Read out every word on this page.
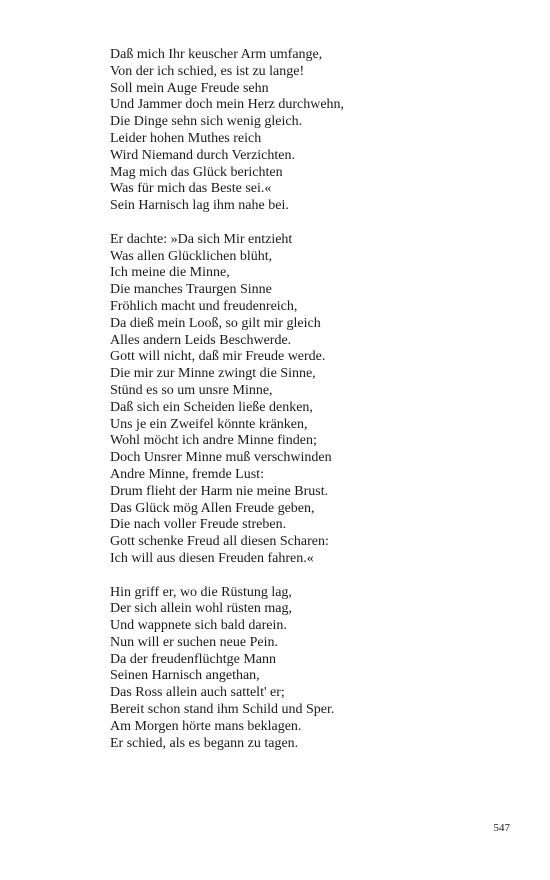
Daß mich Ihr keuscher Arm umfange,
Von der ich schied, es ist zu lange!
Soll mein Auge Freude sehn
Und Jammer doch mein Herz durchwehn,
Die Dinge sehn sich wenig gleich.
Leider hohen Muthes reich
Wird Niemand durch Verzichten.
Mag mich das Glück berichten
Was für mich das Beste sei.«
Sein Harnisch lag ihm nahe bei.
Er dachte: »Da sich Mir entzieht
Was allen Glücklichen blüht,
Ich meine die Minne,
Die manches Traurgen Sinne
Fröhlich macht und freudenreich,
Da dieß mein Looß, so gilt mir gleich
Alles andern Leids Beschwerde.
Gott will nicht, daß mir Freude werde.
Die mir zur Minne zwingt die Sinne,
Stünd es so um unsre Minne,
Daß sich ein Scheiden ließe denken,
Uns je ein Zweifel könnte kränken,
Wohl möcht ich andre Minne finden;
Doch Unsrer Minne muß verschwinden
Andre Minne, fremde Lust:
Drum flieht der Harm nie meine Brust.
Das Glück mög Allen Freude geben,
Die nach voller Freude streben.
Gott schenke Freud all diesen Scharen:
Ich will aus diesen Freuden fahren.«
Hin griff er, wo die Rüstung lag,
Der sich allein wohl rüsten mag,
Und wappnete sich bald darein.
Nun will er suchen neue Pein.
Da der freudenflüchtge Mann
Seinen Harnisch angethan,
Das Ross allein auch sattelt' er;
Bereit schon stand ihm Schild und Sper.
Am Morgen hörte mans beklagen.
Er schied, als es begann zu tagen.
547
